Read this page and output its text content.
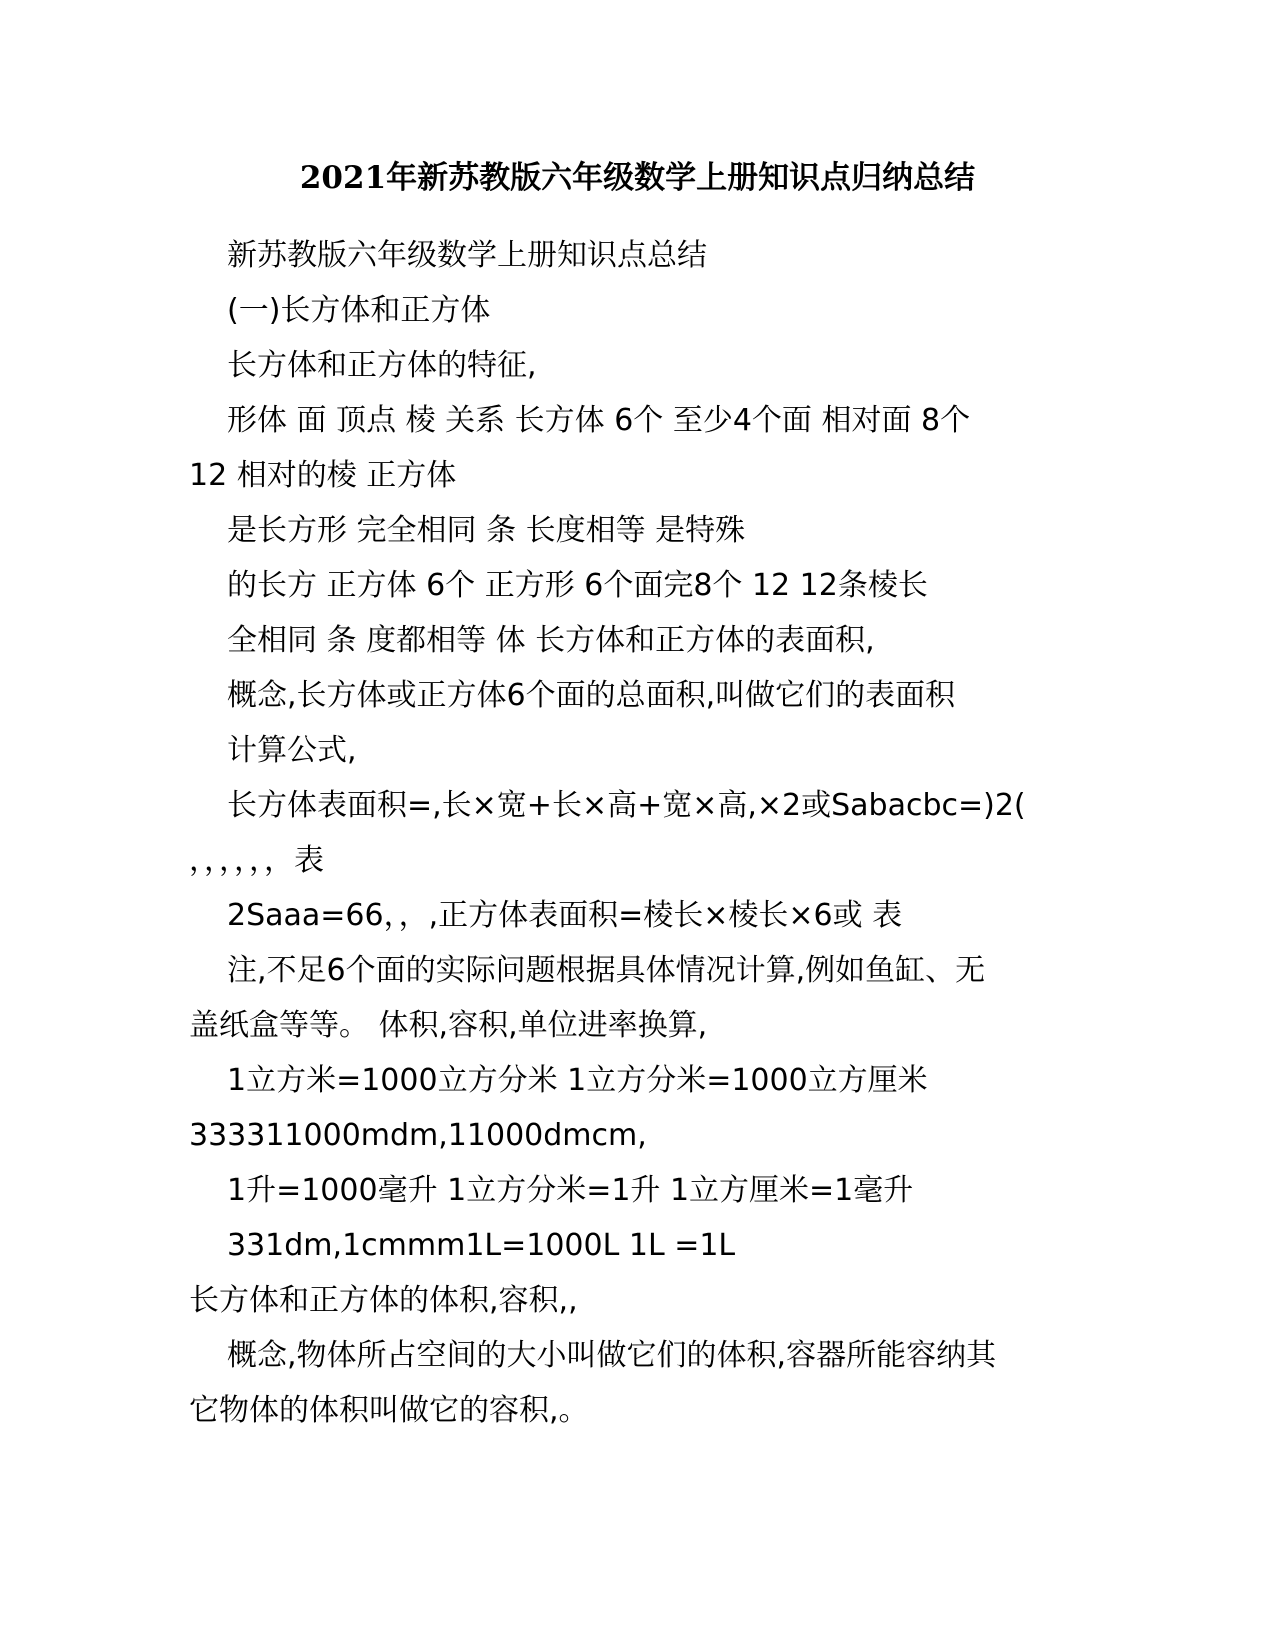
2021年新苏教版六年级数学上册知识点归纳总结
新苏教版六年级数学上册知识点总结
(一)长方体和正方体
长方体和正方体的特征,
形体 面 顶点 棱 关系 长方体 6个 至少4个面 相对面 8个
12 相对的棱 正方体
是长方形 完全相同 条 长度相等 是特殊
的长方 正方体 6个 正方形 6个面完8个 12 12条棱长
全相同 条 度都相等 体 长方体和正方体的表面积,
概念,长方体或正方体6个面的总面积,叫做它们的表面积
计算公式,
长方体表面积=,长×宽+长×高+宽×高,×2或Sabacbc=)2(
，，，，，，表
2Saaa=66，，,正方体表面积=棱长×棱长×6或 表
注,不足6个面的实际问题根据具体情况计算,例如鱼缸、无
盖纸盒等等。 体积,容积,单位进率换算,
1立方米=1000立方分米 1立方分米=1000立方厘米
333311000mdm,11000dmcm,
1升=1000毫升 1立方分米=1升 1立方厘米=1毫升
331dm,1cmmm1L=1000L 1L =1L
长方体和正方体的体积,容积,,
概念,物体所占空间的大小叫做它们的体积,容器所能容纳其
它物体的体积叫做它的容积,。
